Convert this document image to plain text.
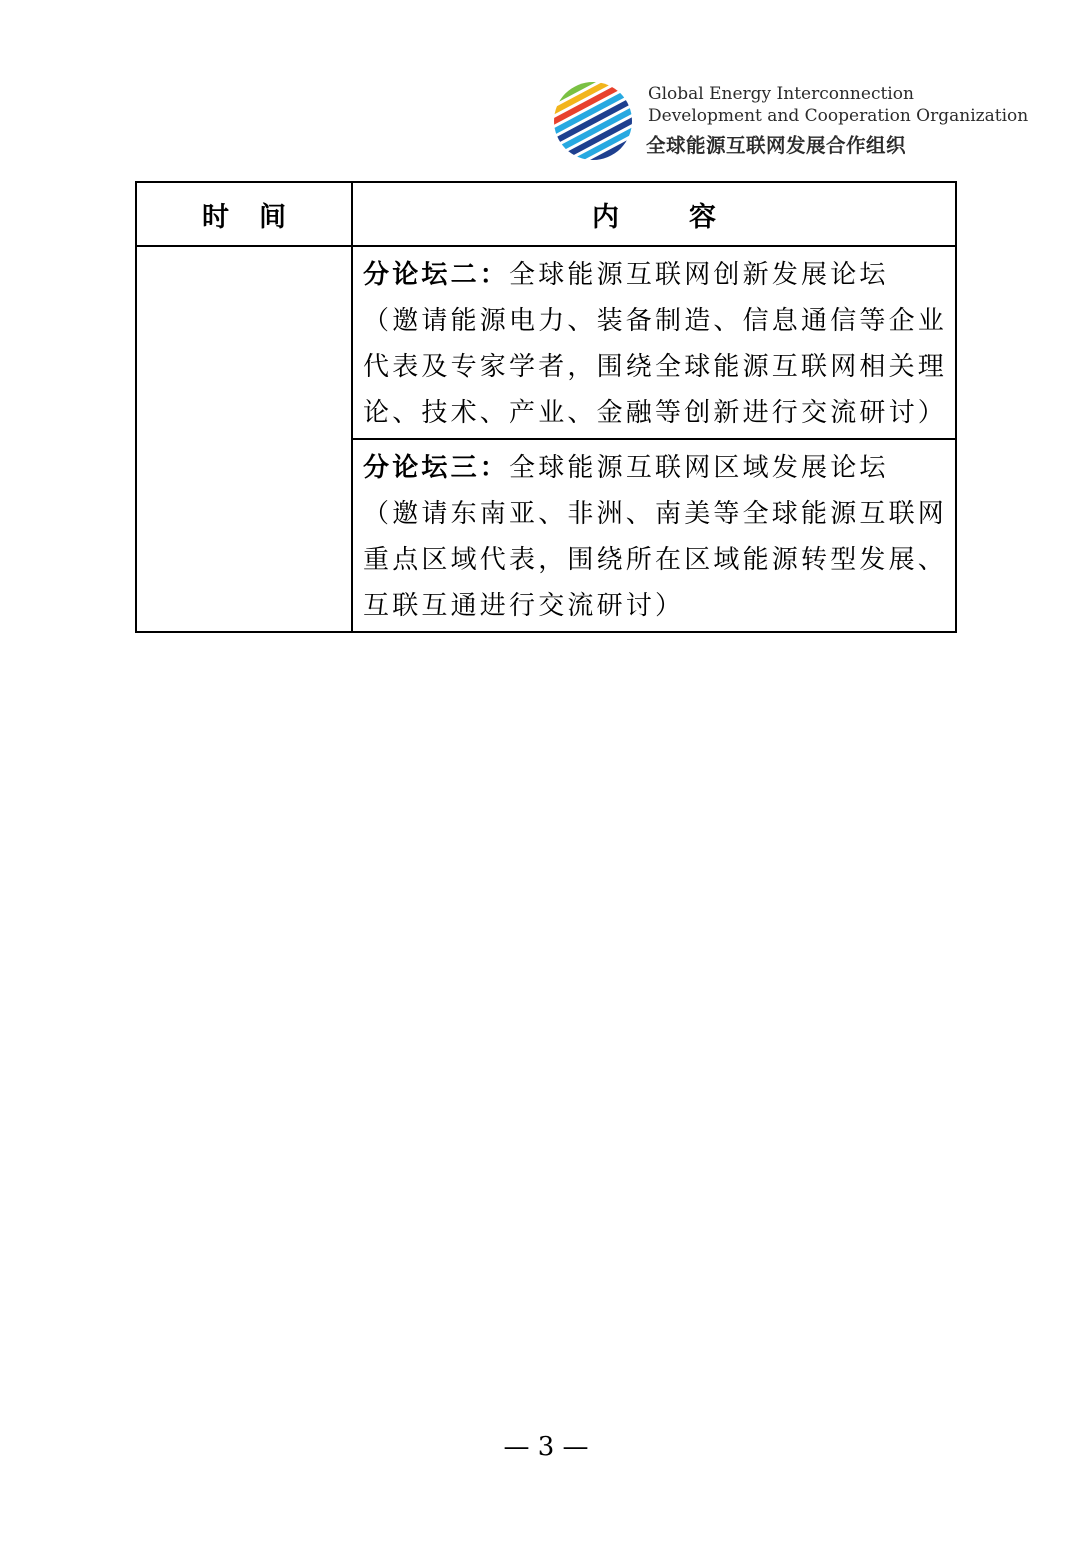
Global Energy Interconnection
Development and Cooperation Organization
全球能源互联网发展合作组织
时间	内容
	分论坛二：全球能源互联网创新发展论坛（邀请能源电力、装备制造、信息通信等企业代表及专家学者，围绕全球能源互联网相关理论、技术、产业、金融等创新进行交流研讨）
	分论坛三：全球能源互联网区域发展论坛（邀请东南亚、非洲、南美等全球能源互联网重点区域代表，围绕所在区域能源转型发展、互联互通进行交流研讨）
— 3 —
